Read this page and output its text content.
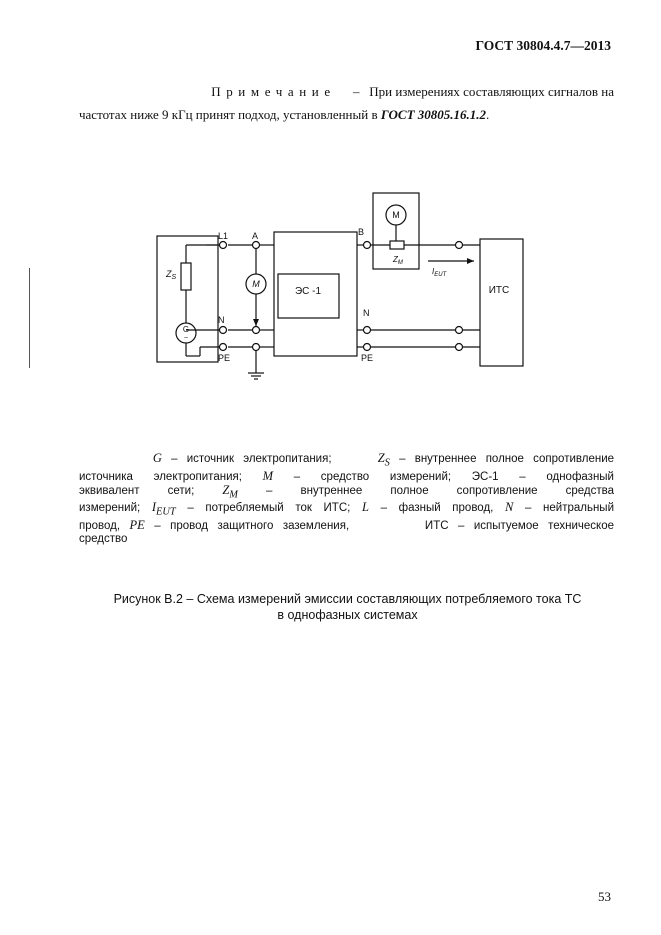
ГОСТ 30804.4.7—2013
Примечание – При измерениях составляющих сигналов на
частотах ниже 9 кГц принят подход, установленный в ГОСТ 30805.16.1.2.
L1	A
N
PE
B
N
PE
$Z_S$
$Z_M$
$I_{EUT}$
G
~
M
M
ЭС -1	ИТС
G – источник электропитания;	$Z_S$ – внутреннее полное сопротивление
источника электропитания; M – средство измерений; ЭС-1 – однофазный
эквивалент сети; $Z_M$ – внутреннее полное сопротивление средства
измерений; $I_{EUT}$ – потребляемый ток ИТС; L – фазный провод, N – нейтральный
провод, PE – провод защитного заземления,	ИТС – испытуемое техническое
средство
Рисунок В.2 – Схема измерений эмиссии составляющих потребляемого тока ТС
в однофазных системах
53
